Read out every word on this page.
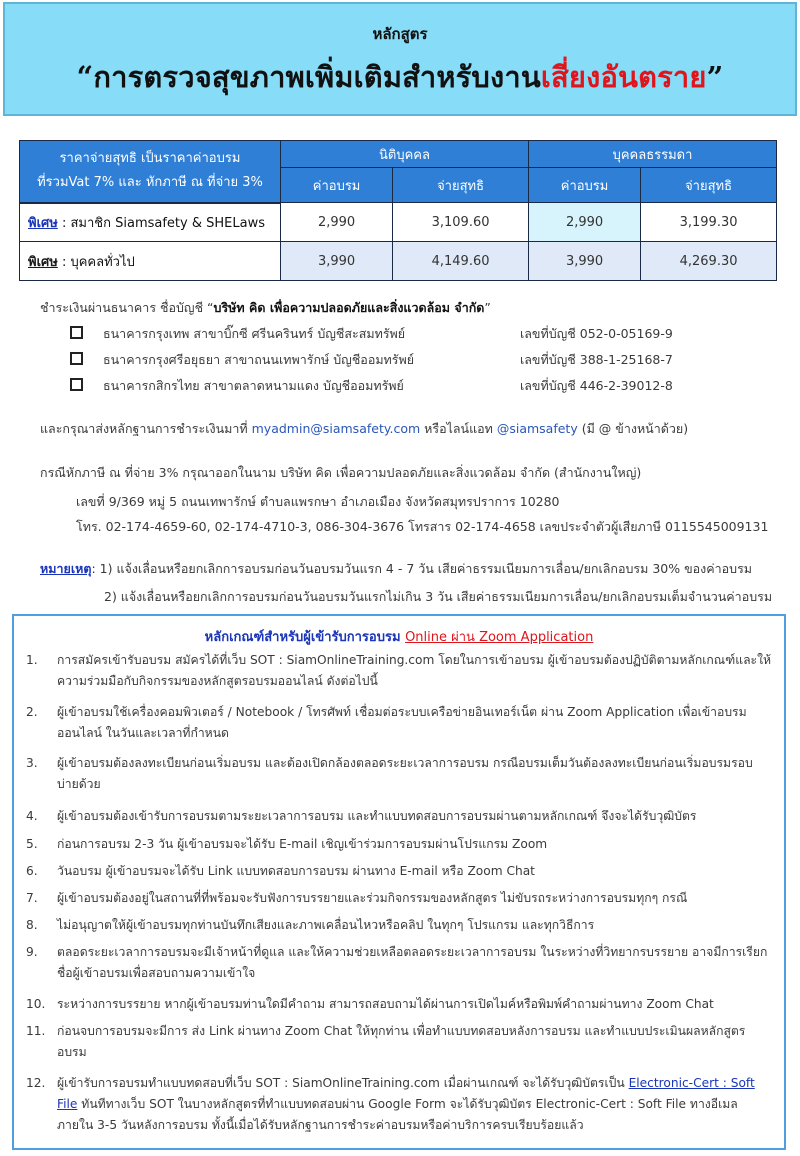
หลักสูตร
“การตรวจสุขภาพเพิ่มเติมสำหรับงานเสี่ยงอันตราย”
ราคาจ่ายสุทธิ เป็นราคาค่าอบรม
ที่รวมVat 7% และ หักภาษี ณ ที่จ่าย 3%	นิติบุคคล		บุคคลธรรมดา	
	ค่าอบรม	จ่ายสุทธิ	ค่าอบรม	จ่ายสุทธิ
พิเศษ : สมาชิก Siamsafety & SHELaws	2,990	3,109.60	2,990	3,199.30
พิเศษ : บุคคลทั่วไป	3,990	4,149.60	3,990	4,269.30
ชำระเงินผ่านธนาคาร ชื่อบัญชี “บริษัท คิด เพื่อความปลอดภัยและสิ่งแวดล้อม จำกัด”
ธนาคารกรุงเทพ สาขาบิ๊กซี ศรีนครินทร์ บัญชีสะสมทรัพย์	เลขที่บัญชี 052-0-05169-9
ธนาคารกรุงศรีอยุธยา สาขาถนนเทพารักษ์ บัญชีออมทรัพย์	เลขที่บัญชี 388-1-25168-7
ธนาคารกสิกรไทย สาขาตลาดหนามแดง บัญชีออมทรัพย์	เลขที่บัญชี 446-2-39012-8
และกรุณาส่งหลักฐานการชำระเงินมาที่ myadmin@siamsafety.com หรือไลน์แอท @siamsafety (มี @ ข้างหน้าด้วย)
กรณีหักภาษี ณ ที่จ่าย 3% กรุณาออกในนาม บริษัท คิด เพื่อความปลอดภัยและสิ่งแวดล้อม จำกัด (สำนักงานใหญ่)
เลขที่ 9/369 หมู่ 5 ถนนเทพารักษ์ ตำบลแพรกษา อำเภอเมือง จังหวัดสมุทรปราการ 10280
โทร. 02-174-4659-60, 02-174-4710-3, 086-304-3676 โทรสาร 02-174-4658 เลขประจำตัวผู้เสียภาษี 0115545009131
หมายเหตุ: 1) แจ้งเลื่อนหรือยกเลิกการอบรมก่อนวันอบรมวันแรก 4 - 7 วัน เสียค่าธรรมเนียมการเลื่อน/ยกเลิกอบรม 30% ของค่าอบรม
2) แจ้งเลื่อนหรือยกเลิกการอบรมก่อนวันอบรมวันแรกไม่เกิน 3 วัน เสียค่าธรรมเนียมการเลื่อน/ยกเลิกอบรมเต็มจำนวนค่าอบรม
หลักเกณฑ์สำหรับผู้เข้ารับการอบรม Online ผ่าน Zoom Application
1. การสมัครเข้ารับอบรม สมัครได้ที่เว็บ SOT : SiamOnlineTraining.com โดยในการเข้าอบรม ผู้เข้าอบรมต้องปฏิบัติตามหลักเกณฑ์และให้ความร่วมมือกับกิจกรรมของหลักสูตรอบรมออนไลน์ ดังต่อไปนี้
2. ผู้เข้าอบรมใช้เครื่องคอมพิวเตอร์ / Notebook / โทรศัพท์ เชื่อมต่อระบบเครือข่ายอินเทอร์เน็ต ผ่าน Zoom Application เพื่อเข้าอบรมออนไลน์ ในวันและเวลาที่กำหนด
3. ผู้เข้าอบรมต้องลงทะเบียนก่อนเริ่มอบรม และต้องเปิดกล้องตลอดระยะเวลาการอบรม กรณีอบรมเต็มวันต้องลงทะเบียนก่อนเริ่มอบรมรอบบ่ายด้วย
4. ผู้เข้าอบรมต้องเข้ารับการอบรมตามระยะเวลาการอบรม และทำแบบทดสอบการอบรมผ่านตามหลักเกณฑ์ จึงจะได้รับวุฒิบัตร
5. ก่อนการอบรม 2-3 วัน ผู้เข้าอบรมจะได้รับ E-mail เชิญเข้าร่วมการอบรมผ่านโปรแกรม Zoom
6. วันอบรม ผู้เข้าอบรมจะได้รับ Link แบบทดสอบการอบรม ผ่านทาง E-mail หรือ Zoom Chat
7. ผู้เข้าอบรมต้องอยู่ในสถานที่ที่พร้อมจะรับฟังการบรรยายและร่วมกิจกรรมของหลักสูตร ไม่ขับรถระหว่างการอบรมทุกๆ กรณี
8. ไม่อนุญาตให้ผู้เข้าอบรมทุกท่านบันทึกเสียงและภาพเคลื่อนไหวหรือคลิป ในทุกๆ โปรแกรม และทุกวิธีการ
9. ตลอดระยะเวลาการอบรมจะมีเจ้าหน้าที่ดูแล และให้ความช่วยเหลือตลอดระยะเวลาการอบรม ในระหว่างที่วิทยากรบรรยาย อาจมีการเรียกชื่อผู้เข้าอบรมเพื่อสอบถามความเข้าใจ
10. ระหว่างการบรรยาย หากผู้เข้าอบรมท่านใดมีคำถาม สามารถสอบถามได้ผ่านการเปิดไมค์หรือพิมพ์คำถามผ่านทาง Zoom Chat
11. ก่อนจบการอบรมจะมีการ ส่ง Link ผ่านทาง Zoom Chat ให้ทุกท่าน เพื่อทำแบบทดสอบหลังการอบรม และทำแบบประเมินผลหลักสูตรอบรม
12. ผู้เข้ารับการอบรมทำแบบทดสอบที่เว็บ SOT : SiamOnlineTraining.com เมื่อผ่านเกณฑ์ จะได้รับวุฒิบัตรเป็น Electronic-Cert : Soft File ทันทีทางเว็บ SOT ในบางหลักสูตรที่ทำแบบทดสอบผ่าน Google Form จะได้รับวุฒิบัตร Electronic-Cert : Soft File ทางอีเมลภายใน 3-5 วันหลังการอบรม ทั้งนี้เมื่อได้รับหลักฐานการชำระค่าอบรมหรือค่าบริการครบเรียบร้อยแล้ว
